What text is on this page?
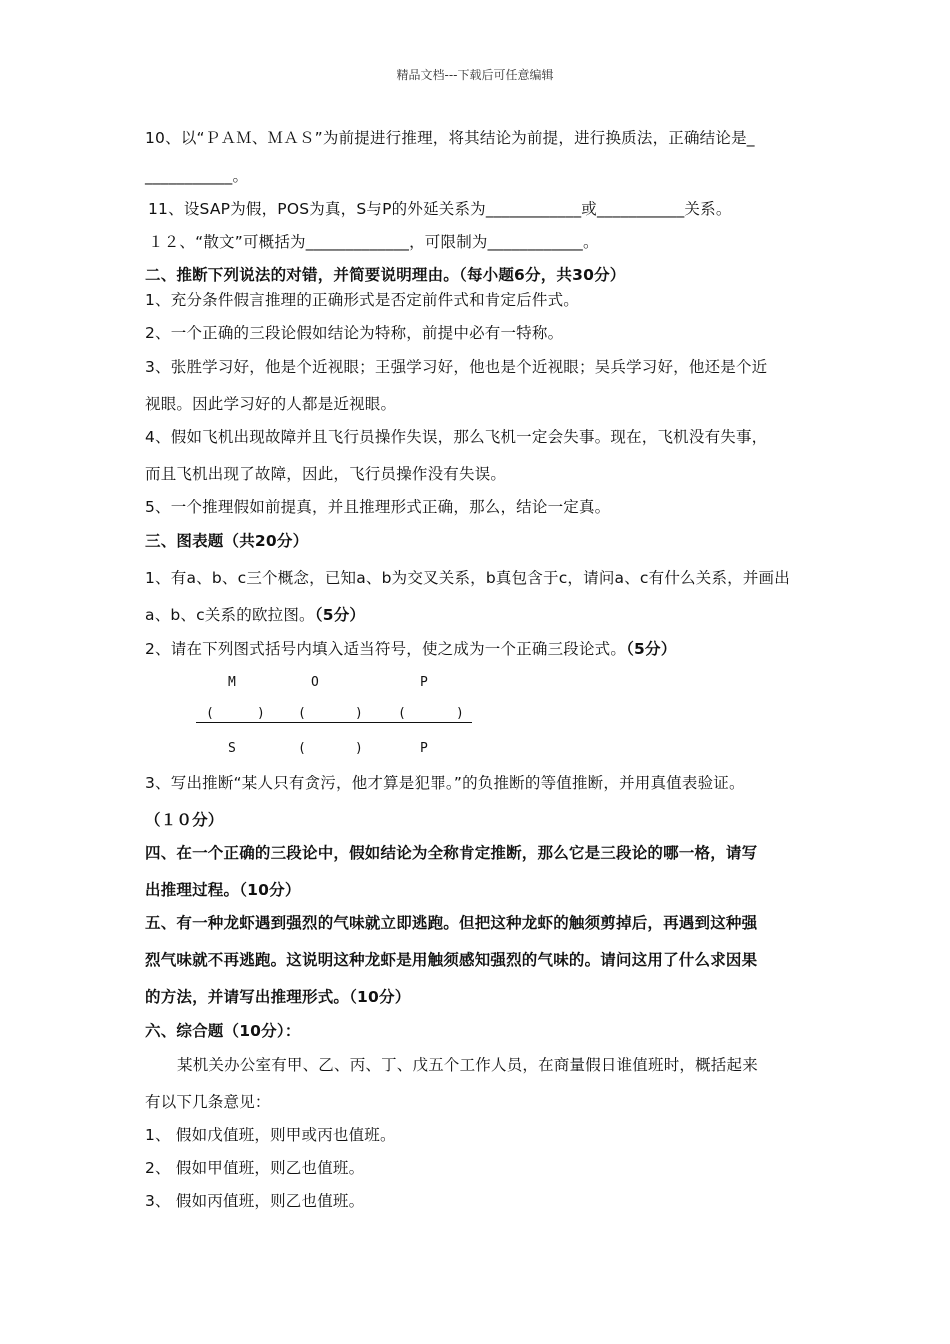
精品文档---下载后可任意编辑

10、以“ＰＡＭ、ＭＡＳ”为前提进行推理，将其结论为前提，进行换质法，正确结论是_

___________。

11、设SAP为假，POS为真，S与P的外延关系为____________或___________关系。

１２、“散文”可概括为_____________，可限制为____________。

二、推断下列说法的对错，并简要说明理由。（每小题6分，共30分）

1、充分条件假言推理的正确形式是否定前件式和肯定后件式。

2、一个正确的三段论假如结论为特称，前提中必有一特称。

3、张胜学习好，他是个近视眼；王强学习好，他也是个近视眼；吴兵学习好，他还是个近

视眼。因此学习好的人都是近视眼。

4、假如飞机出现故障并且飞行员操作失误，那么飞机一定会失事。现在，飞机没有失事，

而且飞机出现了故障，因此，飞行员操作没有失误。

5、一个推理假如前提真，并且推理形式正确，那么，结论一定真。

三、图表题（共20分）

1、有a、b、c三个概念，已知a、b为交叉关系，b真包含于c，请问a、c有什么关系，并画出

a、b、c关系的欧拉图。（5分）

2、请在下列图式括号内填入适当符号，使之成为一个正确三段论式。（5分）

M	O	P
(	)	(	)	(	)
S	(	)	P

3、写出推断“某人只有贪污，他才算是犯罪。”的负推断的等值推断，并用真值表验证。

（１０分）

四、在一个正确的三段论中，假如结论为全称肯定推断，那么它是三段论的哪一格，请写

出推理过程。（10分）

五、有一种龙虾遇到强烈的气味就立即逃跑。但把这种龙虾的触须剪掉后，再遇到这种强

烈气味就不再逃跑。这说明这种龙虾是用触须感知强烈的气味的。请问这用了什么求因果

的方法，并请写出推理形式。（10分）

六、综合题（10分）：

某机关办公室有甲、乙、丙、丁、戊五个工作人员，在商量假日谁值班时，概括起来

有以下几条意见：

1、 假如戊值班，则甲或丙也值班。

2、 假如甲值班，则乙也值班。

3、 假如丙值班，则乙也值班。
